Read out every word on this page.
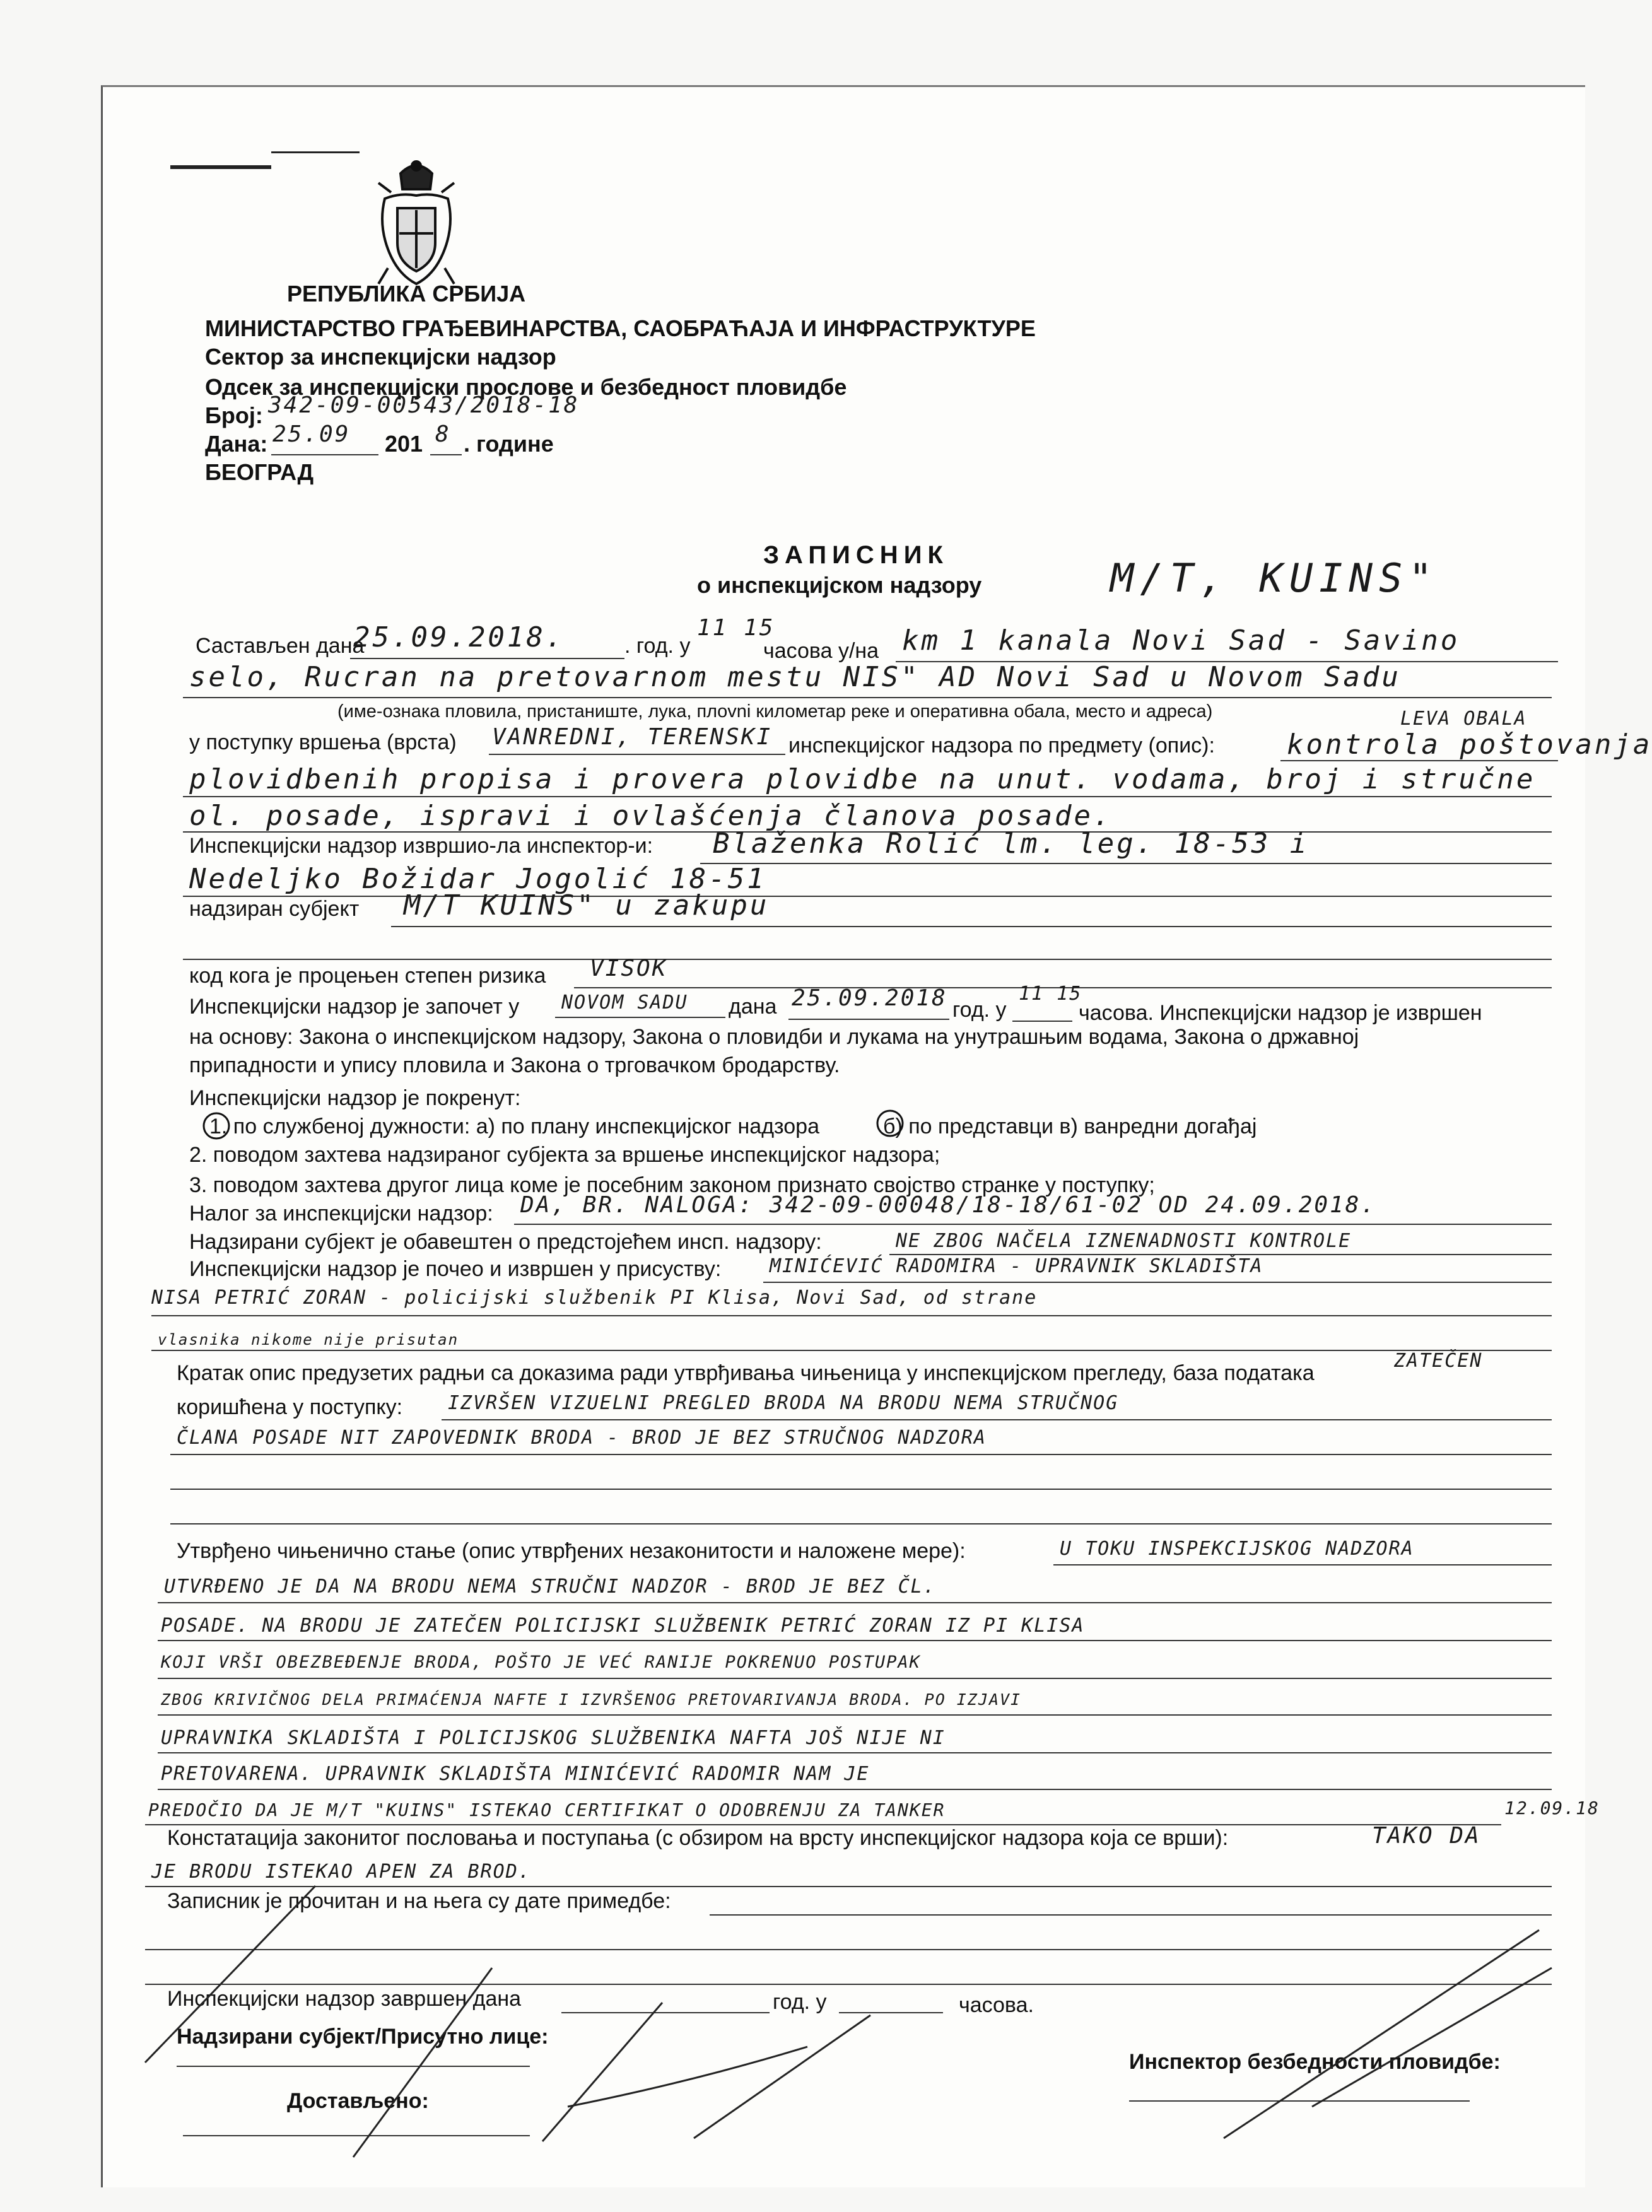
РЕПУБЛИКА СРБИЈА
МИНИСТАРСТВО ГРАЂЕВИНАРСТВА, САОБРАЋАЈА И ИНФРАСТРУКТУРЕ
Сектор за инспекцијски надзор
Одсек за инспекцијски прослове и безбедност пловидбе
Број: 342-09-00543/2018-18
Дана: 25.09 201 8 . године
БЕОГРАД
ЗАПИСНИК
о инспекцијском надзору	M/T, KUINS"
Састављен дана
25.09.2018.	. год. у
11 15
часова у/на km 1 kanala Novi Sad - Savino
selo, Rucran na pretovarnom mestu NIS" AD Novi Sad u Novom Sadu
LEVA OBALA
(име-ознака пловила, пристаниште, лука, плovni километар реке и оперативна обала, место и адреса)
у поступку вршења (врста) VANREDNI, TERENSKI инспекцијског надзора по предмету (опис):	kontrola poštovanja
plovidbenih propisa i provera plovidbe na unut. vodama, broj i stručne
ol. posade, ispravi i ovlašćenja članova posade.
Инспекцијски надзор извршио-ла инспектор-и: Blaženka Rolić lm. leg. 18-53 i
Nedeljko Božidar Jogolić 18-51
надзиран субјект M/T KUINS" u zakupu
код кога је процењен степен ризика VISOK
Инспекцијски надзор је започет у NOVOM SADU дана 25.09.2018 год. у
11 15
часова. Инспекцијски надзор је извршен
на основу: Закона о инспекцијском надзору, Закона о пловидби и лукама на унутрашњим водама, Закона о државној
припадности и упису пловила и Закона о трговачком бродарству.
Инспекцијски надзор је покренут:
1. по службеној дужности: а) по плану инспекцијског надзора	б) по представци в) ванредни догађај
2. поводом захтева надзираног субјекта за вршење инспекцијског надзора;
3. поводом захтева другог лица коме је посебним законом признато својство странке у поступку;
Налог за инспекцијски надзор: DA, BR. NALOGA: 342-09-00048/18-18/61-02 OD 24.09.2018.
Надзирани субјект је обавештен о предстојећем инсп. надзору:	NE ZBOG NAČELA IZNENADNOSTI KONTROLE
Инспекцијски надзор је почео и извршен у присуству:	MINIĆEVIĆ RADOMIRA - UPRAVNIK SKLADIŠTA
NISA PETRIĆ ZORAN - policijski službenik PI Klisa, Novi Sad, od strane
vlasnika nikome nije prisutan
ZATEČEN
Кратак опис предузетих радњи са доказима ради утврђивања чињеница у инспекцијском прегледу, база података
коришћена у поступку: IZVRŠEN VIZUELNI PREGLED BRODA NA BRODU NEMA STRUČNOG
ČLANA POSADE NIT ZAPOVEDNIK BRODA - BROD JE BEZ STRUČNOG NADZORA
Утврђено чињенично стање (опис утврђених незаконитости и наложене мере):	U TOKU INSPEKCIJSKOG NADZORA
UTVRĐENO JE DA NA BRODU NEMA STRUČNI NADZOR - BROD JE BEZ ČL.
POSADE. NA BRODU JE ZATEČEN POLICIJSKI SLUŽBENIK PETRIĆ ZORAN IZ PI KLISA
KOJI VRŠI OBEZBEĐENJE BRODA, POŠTO JE VEĆ RANIJE POKRENUO POSTUPAK
ZBOG KRIVIČNOG DELA PRIMAĆENJA NAFTE I IZVRŠENOG PRETOVARIVANJA BRODA. PO IZJAVI
UPRAVNIKA SKLADIŠTA I POLICIJSKOG SLUŽBENIKA NAFTA JOŠ NIJE NI
PRETOVARENA. UPRAVNIK SKLADIŠTA MINIĆEVIĆ RADOMIR NAM JE
PREDOČIO DA JE M/T "KUINS" ISTEKAO CERTIFIKAT O ODOBRENJU ZA TANKER	12.09.18
Констатација законитог пословања и поступања (с обзиром на врсту инспекцијског надзора која се врши):	TAKO DA
JE BRODU ISTEKAO APEN ZA BROD.
Записник је прочитан и на њега су дате примедбе:
Инспекцијски надзор завршен дана	год. у	часова.
Надзирани субјект/Присутно лице:
Инспектор безбедности пловидбе:
Достављено:
